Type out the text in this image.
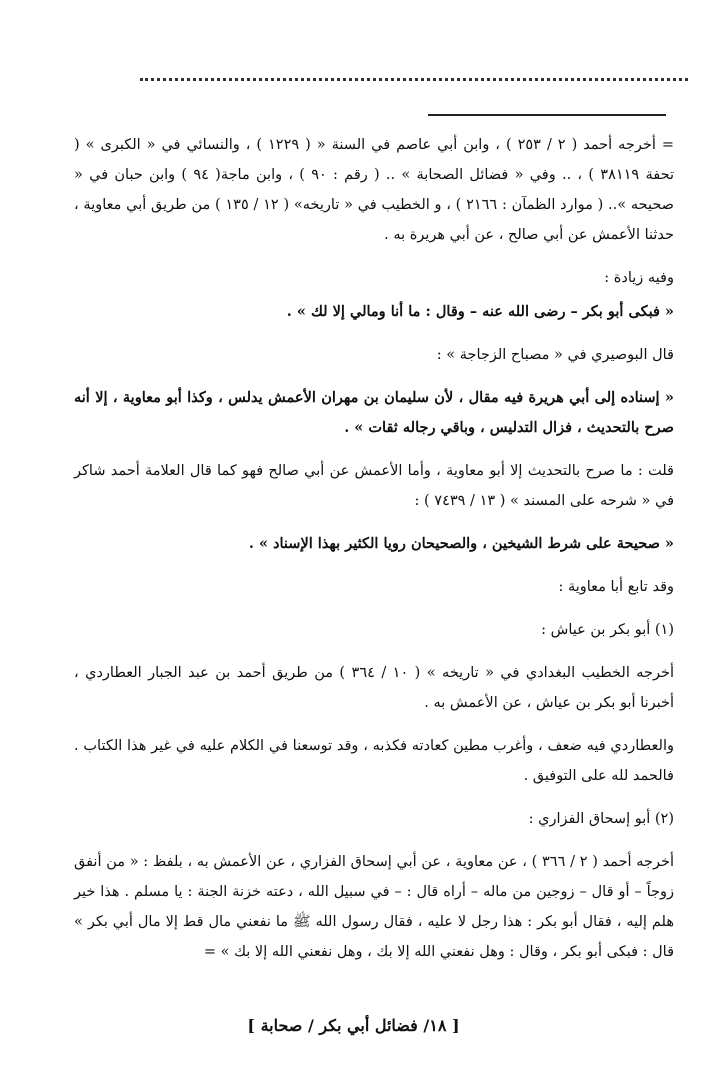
= أخرجه أحمد ( ٢ / ٢٥٣ ) ، وابن أبي عاصم في السنة « ( ١٢٢٩ ) ، والنسائي في « الكبرى » ( تحفة ٣٨١١٩ ) ، .. وفي « فضائل الصحابة » .. ( رقم : ٩٠ ) ، وابن ماجة( ٩٤ ) وابن حبان في « صحيحه ».. ( موارد الظمآن : ٢١٦٦ ) ، و الخطيب في « تاريخه» ( ١٢ / ١٣٥ ) من طريق أبي معاوية ، حدثنا الأعمش عن أبي صالح ، عن أبي هريرة به .

وفيه زيادة :

« فبكى أبو بكر – رضى الله عنه – وقال : ما أنا ومالي إلا لك » .

قال البوصيري في « مصباح الزجاجة » :

« إسناده إلى أبي هريرة فيه مقال ، لأن سليمان بن مهران الأعمش يدلس ، وكذا أبو معاوية ، إلا أنه صرح بالتحديث ، فزال التدليس ، وباقي رجاله ثقات » .

قلت : ما صرح بالتحديث إلا أبو معاوية ، وأما الأعمش عن أبي صالح فهو كما قال العلامة أحمد شاكر في « شرحه على المسند » ( ١٣ / ٧٤٣٩ ) :

« صحيحة على شرط الشيخين ، والصحيحان رويا الكثير بهذا الإسناد » .

وقد تابع أبا معاوية :

(١) أبو بكر بن عياش :

أخرجه الخطيب البغدادي في « تاريخه » ( ١٠ / ٣٦٤ ) من طريق أحمد بن عبد الجبار العطاردي ، أخبرنا أبو بكر بن عياش ، عن الأعمش به .

والعطاردي فيه ضعف ، وأغرب مطين كعادته فكذبه ، وقد توسعنا في الكلام عليه في غير هذا الكتاب . فالحمد لله على التوفيق .

(٢) أبو إسحاق الفزاري :

أخرجه أحمد ( ٢ / ٣٦٦ ) ، عن معاوية ، عن أبي إسحاق الفزاري ، عن الأعمش به ، بلفظ : « من أنفق زوجاً – أو قال – زوجين من ماله – أراه قال : – في سبيل الله ، دعته خزنة الجنة : يا مسلم . هذا خير هلم إليه ، فقال أبو بكر : هذا رجل لا عليه ، فقال رسول الله ﷺ ما نفعني مال قط إلا مال أبي بكر » قال : فبكى أبو بكر ، وقال : وهل نفعني الله إلا بك ، وهل نفعني الله إلا بك » =

[ ١٨/ فضائل أبي بكر / صحابة ]
